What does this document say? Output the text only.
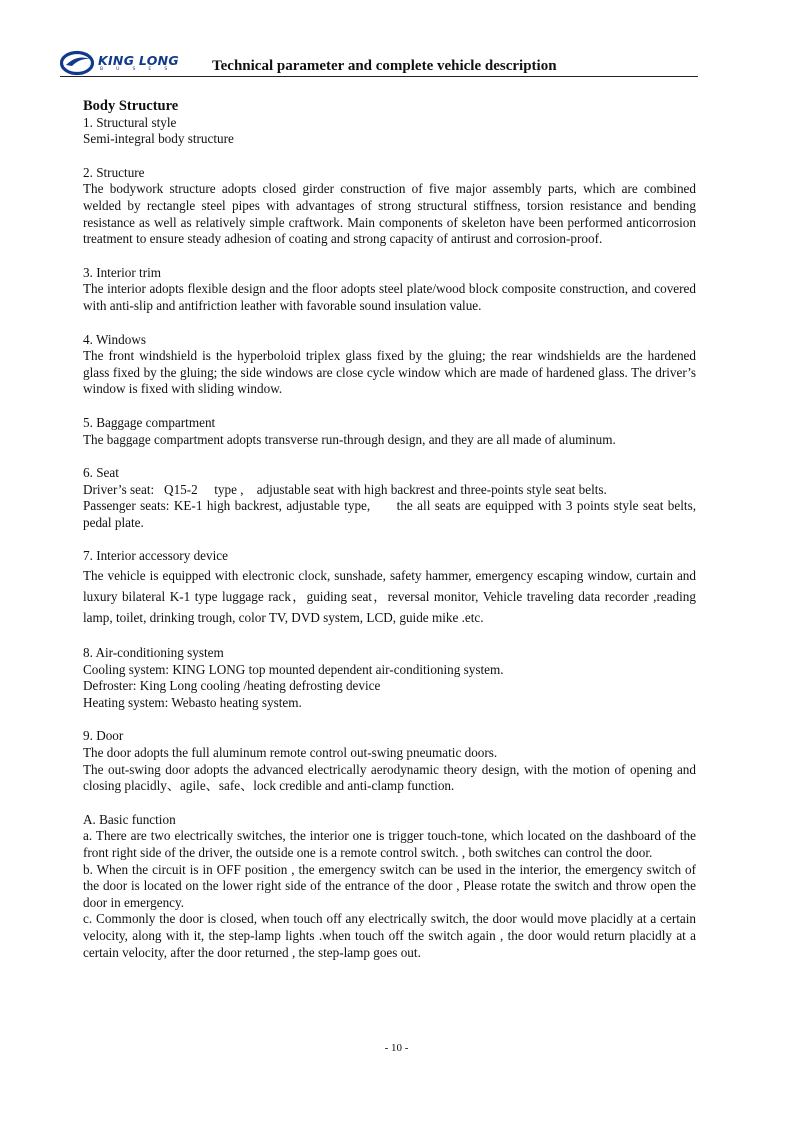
KING LONG
BUSES Technical parameter and complete vehicle description

Body Structure

1. Structural style

Semi-integral body structure

2. Structure

The bodywork structure adopts closed girder construction of five major assembly parts, which are combined welded by rectangle steel pipes with advantages of strong structural stiffness, torsion resistance and bending resistance as well as relatively simple craftwork. Main components of skeleton have been performed anticorrosion treatment to ensure steady adhesion of coating and strong capacity of antirust and corrosion-proof.

3. Interior trim

The interior adopts flexible design and the floor adopts steel plate/wood block composite construction, and covered with anti-slip and antifriction leather with favorable sound insulation value.

4. Windows

The front windshield is the hyperboloid triplex glass fixed by the gluing; the rear windshields are the hardened glass fixed by the gluing; the side windows are close cycle window which are made of hardened glass. The driver’s window is fixed with sliding window.

5. Baggage compartment

The baggage compartment adopts transverse run-through design, and they are all made of aluminum.

6. Seat

Driver’s seat:   Q15-2     type ,    adjustable seat with high backrest and three-points style seat belts.

Passenger seats: KE-1 high backrest, adjustable type,      the all seats are equipped with 3 points style seat belts,      pedal plate.

7. Interior accessory device

The vehicle is equipped with electronic clock, sunshade, safety hammer, emergency escaping window, curtain and luxury bilateral K-1 type luggage rack，guiding seat，reversal monitor, Vehicle traveling data recorder ,reading lamp, toilet, drinking trough, color TV, DVD system, LCD, guide mike .etc.

8. Air-conditioning system

Cooling system: KING LONG top mounted dependent air-conditioning system.

Defroster: King Long cooling /heating defrosting device

Heating system: Webasto heating system.

9. Door

The door adopts the full aluminum remote control out-swing pneumatic doors.

The out-swing door adopts the advanced electrically aerodynamic theory design, with the motion of opening and closing placidly、agile、safe、lock credible and anti-clamp function.

A. Basic function

a. There are two electrically switches, the interior one is trigger touch-tone, which located on the dashboard of the front right side of the driver, the outside one is a remote control switch. , both switches can control the door.

b. When the circuit is in OFF position , the emergency switch can be used in the interior, the emergency switch of the door is located on the lower right side of the entrance of the door , Please rotate the switch and throw open the door in emergency.

c. Commonly the door is closed, when touch off any electrically switch, the door would move placidly at a certain velocity, along with it, the step-lamp lights .when touch off the switch again , the door would return placidly at a certain velocity, after the door returned , the step-lamp goes out.

- 10 -
